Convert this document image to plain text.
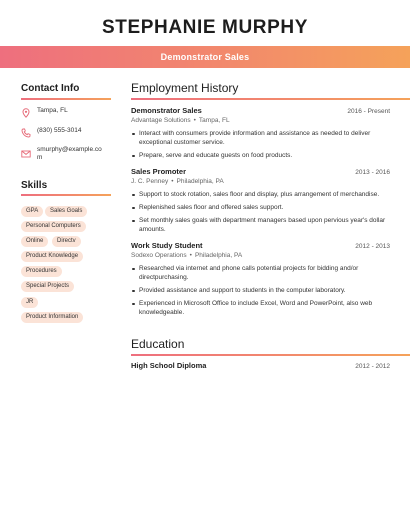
STEPHANIE MURPHY
Demonstrator Sales
Contact Info
Tampa, FL
(830) 555-3014
smurphy@example.com
Skills
GPA	Sales Goals
Personal Computers
Online	Directv
Product Knowledge
Procedures
Special Projects
JR
Product Information
Employment History
Demonstrator Sales	2016 - Present
Advantage Solutions • Tampa, FL
Interact with consumers provide information and assistance as needed to deliver exceptional customer service.
Prepare, serve and educate guests on food products.
Sales Promoter	2013 - 2016
J. C. Penney • Philadelphia, PA
Support to stock rotation, sales floor and display, plus arrangement of merchandise.
Replenished sales floor and offered sales support.
Set monthly sales goals with department managers based upon pervious year's dollar amounts.
Work Study Student	2012 - 2013
Sodexo Operations • Philadelphia, PA
Researched via internet and phone calls potential projects for bidding and/or directpurchasing.
Provided assistance and support to students in the computer laboratory.
Experienced in Microsoft Office to include Excel, Word and PowerPoint, also web knowledgeable.
Education
High School Diploma	2012 - 2012
